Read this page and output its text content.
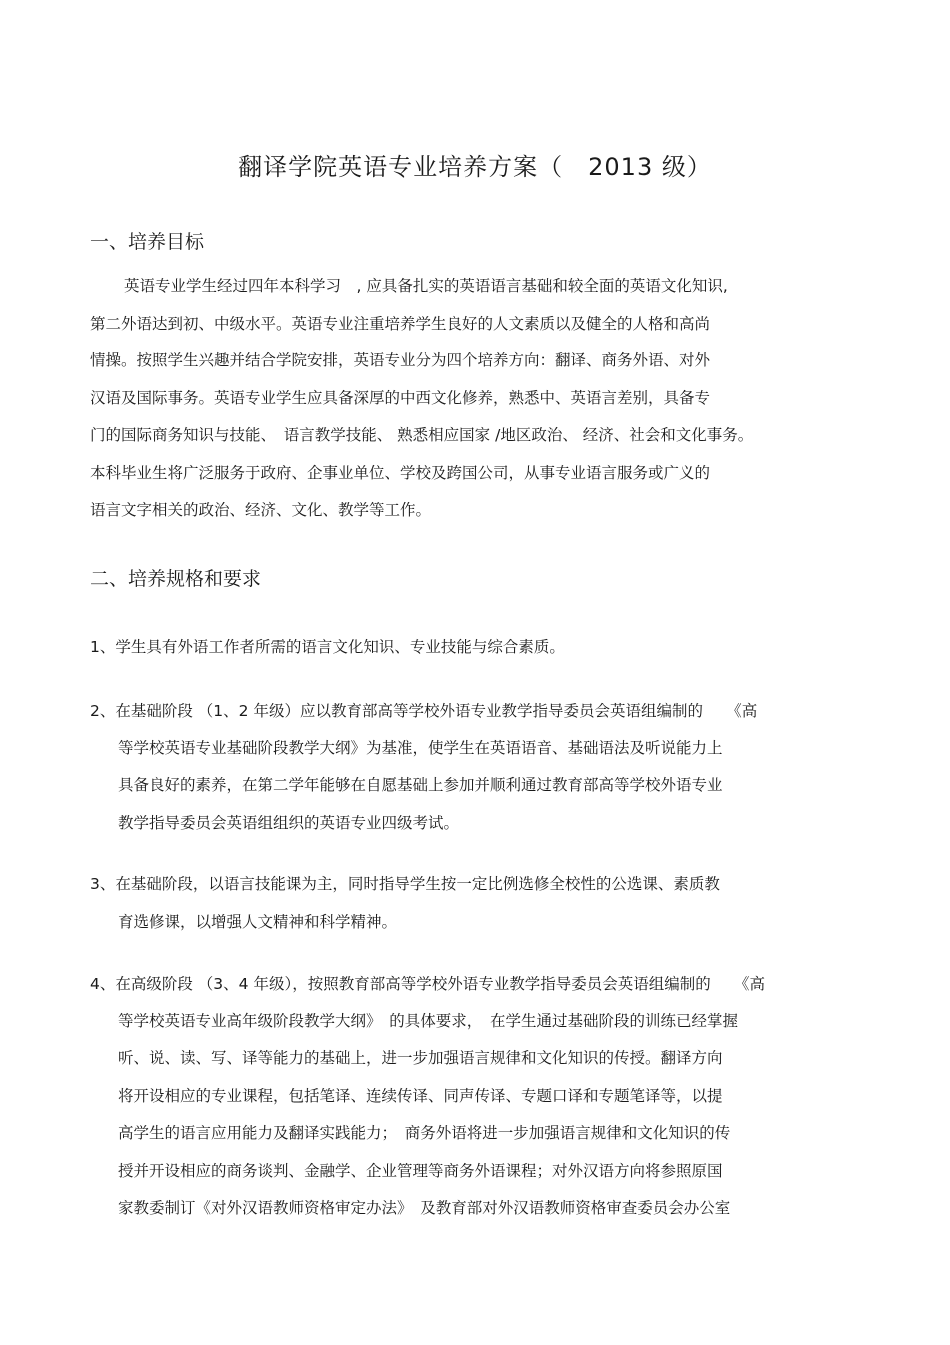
翻译学院英语专业培养方案（　2013 级）
一、培养目标
英语专业学生经过四年本科学习　, 应具备扎实的英语语言基础和较全面的英语文化知识,
第二外语达到初、中级水平。英语专业注重培养学生良好的人文素质以及健全的人格和高尚
情操。按照学生兴趣并结合学院安排，英语专业分为四个培养方向：翻译、商务外语、对外
汉语及国际事务。英语专业学生应具备深厚的中西文化修养，熟悉中、英语言差别，具备专
门的国际商务知识与技能、　语言教学技能、 熟悉相应国家 /地区政治、 经济、社会和文化事务。
本科毕业生将广泛服务于政府、企事业单位、学校及跨国公司，从事专业语言服务或广义的
语言文字相关的政治、经济、文化、教学等工作。
二、培养规格和要求
1、学生具有外语工作者所需的语言文化知识、专业技能与综合素质。
2、在基础阶段 （1、2 年级）应以教育部高等学校外语专业教学指导委员会英语组编制的　　《高
等学校英语专业基础阶段教学大纲》为基准，使学生在英语语音、基础语法及听说能力上
具备良好的素养，在第二学年能够在自愿基础上参加并顺利通过教育部高等学校外语专业
教学指导委员会英语组组织的英语专业四级考试。
3、在基础阶段，以语言技能课为主，同时指导学生按一定比例选修全校性的公选课、素质教
育选修课，以增强人文精神和科学精神。
4、在高级阶段 （3、4 年级），按照教育部高等学校外语专业教学指导委员会英语组编制的　　《高
等学校英语专业高年级阶段教学大纲》　的具体要求，　在学生通过基础阶段的训练已经掌握
听、说、读、写、译等能力的基础上，进一步加强语言规律和文化知识的传授。翻译方向
将开设相应的专业课程，包括笔译、连续传译、同声传译、专题口译和专题笔译等，以提
高学生的语言应用能力及翻译实践能力；　商务外语将进一步加强语言规律和文化知识的传
授并开设相应的商务谈判、金融学、企业管理等商务外语课程；对外汉语方向将参照原国
家教委制订《对外汉语教师资格审定办法》　及教育部对外汉语教师资格审查委员会办公室
